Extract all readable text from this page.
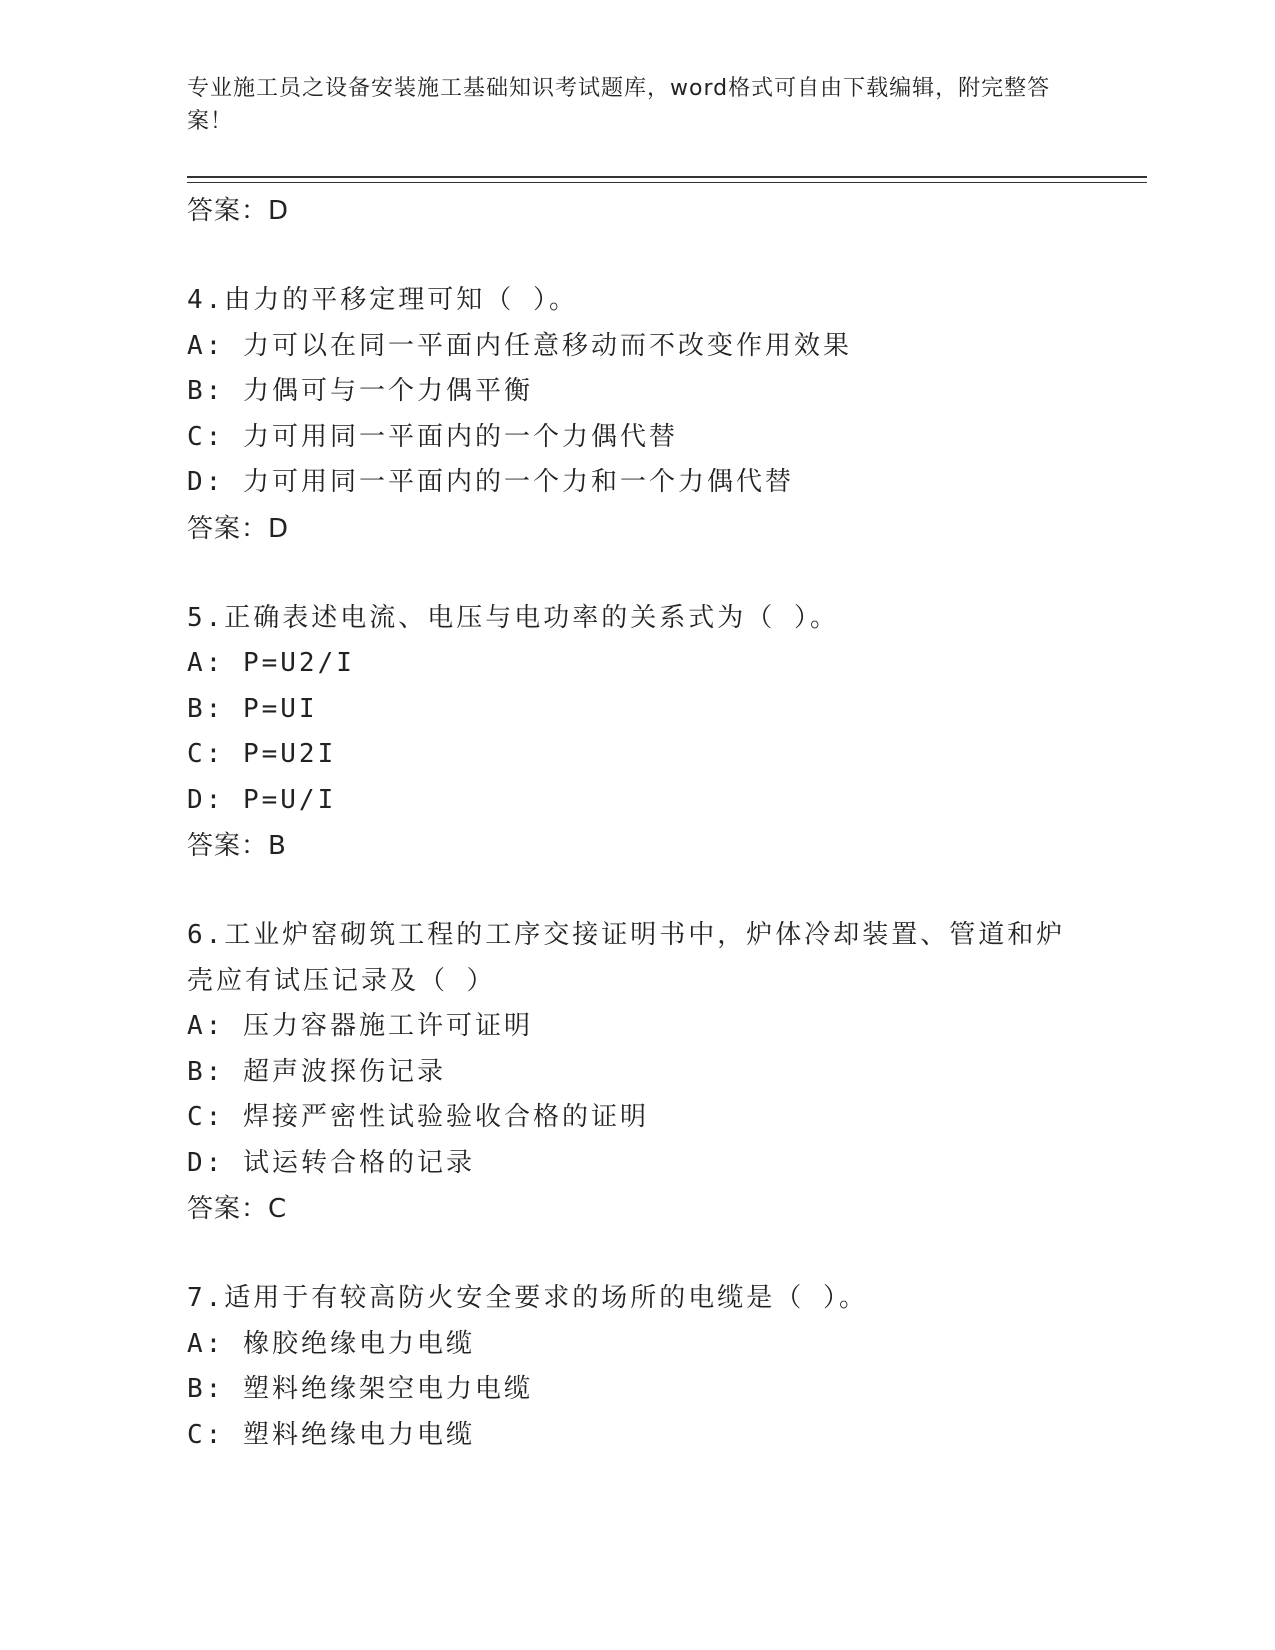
专业施工员之设备安装施工基础知识考试题库，word格式可自由下载编辑，附完整答案！
答案：D
4.由力的平移定理可知（ ）。
A: 力可以在同一平面内任意移动而不改变作用效果
B: 力偶可与一个力偶平衡
C: 力可用同一平面内的一个力偶代替
D: 力可用同一平面内的一个力和一个力偶代替
答案：D
5.正确表述电流、电压与电功率的关系式为（ ）。
A: P=U2/I
B: P=UI
C: P=U2I
D: P=U/I
答案：B
6.工业炉窑砌筑工程的工序交接证明书中，炉体冷却装置、管道和炉
壳应有试压记录及（ ）
A: 压力容器施工许可证明
B: 超声波探伤记录
C: 焊接严密性试验验收合格的证明
D: 试运转合格的记录
答案：C
7.适用于有较高防火安全要求的场所的电缆是（ ）。
A: 橡胶绝缘电力电缆
B: 塑料绝缘架空电力电缆
C: 塑料绝缘电力电缆
